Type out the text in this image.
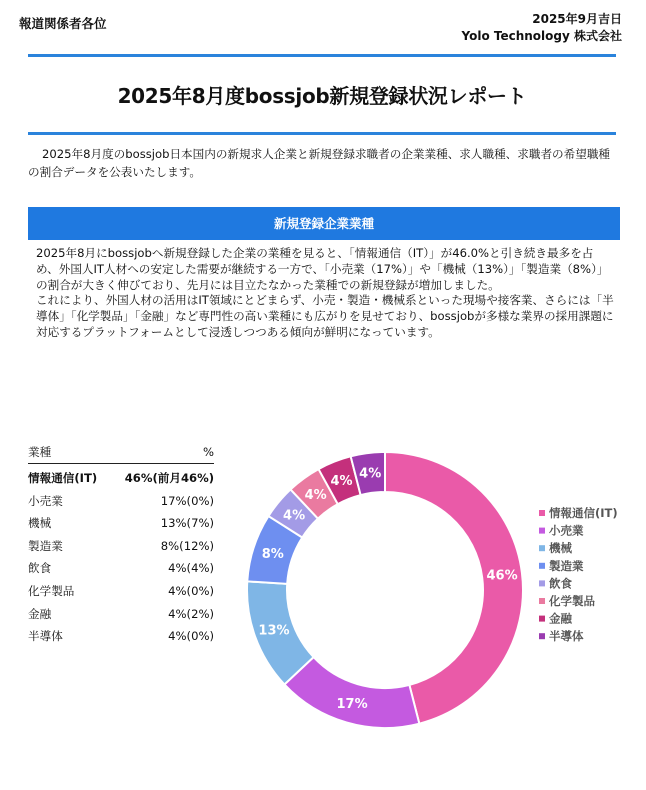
報道関係者各位	2025年9月吉日
Yolo Technology 株式会社
2025年8月度bossjob新規登録状況レポート
2025年8月度のbossjob日本国内の新規求人企業と新規登録求職者の企業業種、求人職種、求職者の希望職種の割合データを公表いたします。
新規登録企業業種

2025年8月にbossjobへ新規登録した企業の業種を見ると、「情報通信（IT）」が46.0%と引き続き最多を占め、外国人IT人材への安定した需要が継続する一方で、「小売業（17%）」や「機械（13%）」「製造業（8%）」の割合が大きく伸びており、先月には目立たなかった業種での新規登録が増加しました。

これにより、外国人材の活用はIT領域にとどまらず、小売・製造・機械系といった現場や接客業、さらには「半導体」「化学製品」「金融」など専門性の高い業種にも広がりを見せており、bossjobが多様な業界の採用課題に対応するプラットフォームとして浸透しつつある傾向が鮮明になっています。

業種	%
情報通信(IT) 46%(前月46%)
小売業	17%(0%)
機械	13%(7%)
製造業	8%(12%)
飲食	4%(4%)
化学製品	4%(0%)
金融	4%(2%)
半導体	4%(0%)
46%
17%
13%
8%
4%
4%
4% 4%
情報通信(IT)
小売業
機械
製造業
飲食
化学製品
金融
半導体
